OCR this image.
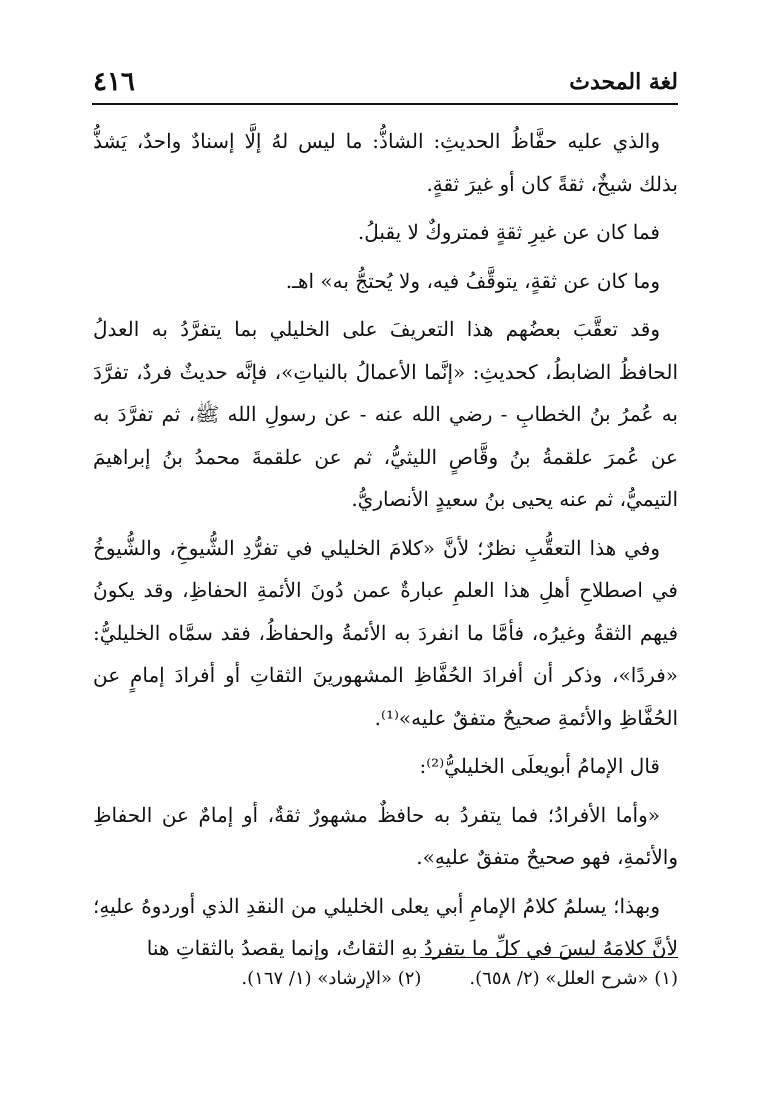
لغة المحدث
٤١٦

والذي عليه حفَّاظُ الحديثِ: الشاذُّ: ما ليس لهُ إلَّا إسنادٌ واحدٌ، يَشذُّ بذلك شيخٌ، ثقةً كان أو غيرَ ثقةٍ.

فما كان عن غيرِ ثقةٍ فمتروكٌ لا يقبلُ.

وما كان عن ثقةٍ، يتوقَّفُ فيه، ولا يُحتجُّ به» اهـ.

وقد تعقَّبَ بعضُهم هذا التعريفَ على الخليلي بما يتفرَّدُ به العدلُ الحافظُ الضابطُ، كحديثِ: «إنَّما الأعمالُ بالنياتِ»، فإنَّه حديثٌ فردٌ، تفرَّدَ به عُمرُ بنُ الخطابِ - رضي الله عنه - عن رسولِ الله ﷺ، ثم تفرَّدَ به عن عُمرَ علقمةُ بنُ وقَّاصٍ الليثيُّ، ثم عن علقمةَ محمدُ بنُ إبراهيمَ التيميُّ، ثم عنه يحيى بنُ سعيدٍ الأنصاريُّ.

وفي هذا التعقُّبِ نظرٌ؛ لأنَّ «كلامَ الخليلي في تفرُّدِ الشُّيوخِ، والشُّيوخُ في اصطلاحِ أهلِ هذا العلمِ عبارةٌ عمن دُونَ الأئمةِ الحفاظِ، وقد يكونُ فيهم الثقةُ وغيرُه، فأمَّا ما انفردَ به الأئمةُ والحفاظُ، فقد سمَّاه الخليليُّ: «فردًا»، وذكر أن أفرادَ الحُفَّاظِ المشهورينَ الثقاتِ أو أفرادَ إمامٍ عن الحُفَّاظِ والأئمةِ صحيحٌ متفقٌ عليه»⁽¹⁾.

قال الإمامُ أبويعلَى الخليليُّ⁽²⁾:

«وأما الأفرادُ؛ فما يتفردُ به حافظٌ مشهورٌ ثقةٌ، أو إمامٌ عن الحفاظِ والأئمةِ، فهو صحيحٌ متفقٌ عليهِ».

وبهذا؛ يسلمُ كلامُ الإمامِ أبي يعلى الخليلي من النقدِ الذي أوردوهُ عليهِ؛ لأنَّ كلامَهُ ليسَ في كلِّ ما يتفردُ بهِ الثقاتُ، وإنما يقصدُ بالثقاتِ هنا

(١) «شرح العلل» (٢/ ٦٥٨).
(٢) «الإرشاد» (١/ ١٦٧).
